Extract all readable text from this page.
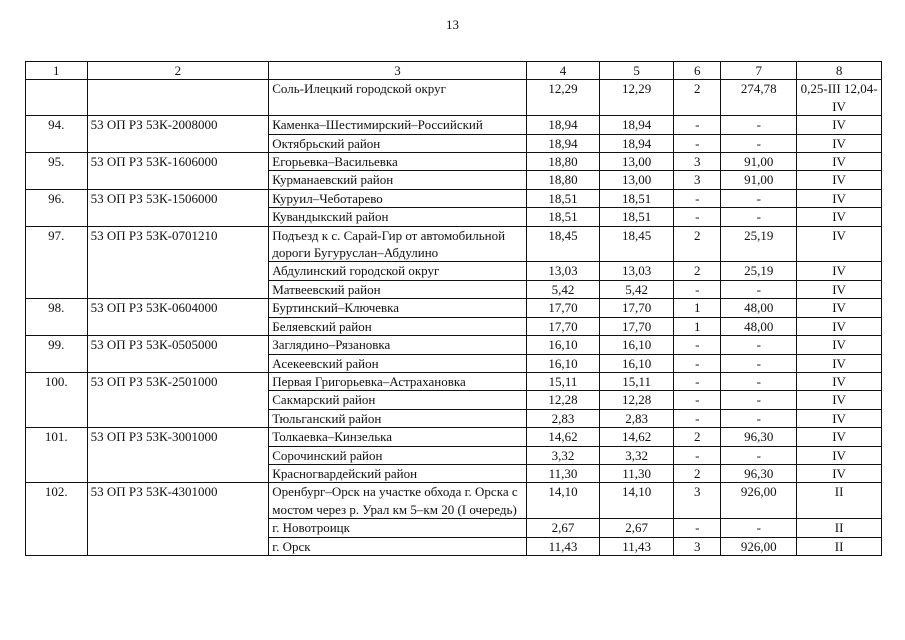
13
1	2	3	4	5	6	7	8
		Соль-Илецкий городской округ	12,29	12,29	2	274,78	0,25-III 12,04-IV
94.	53 ОП РЗ 53К-2008000	Каменка–Шестимирский–Российский	18,94	18,94	-	-	IV
		Октябрьский район	18,94	18,94	-	-	IV
95.	53 ОП РЗ 53К-1606000	Егорьевка–Васильевка	18,80	13,00	3	91,00	IV
		Курманаевский район	18,80	13,00	3	91,00	IV
96.	53 ОП РЗ 53К-1506000	Куруил–Чеботарево	18,51	18,51	-	-	IV
		Кувандыкский район	18,51	18,51	-	-	IV
97.	53 ОП РЗ 53К-0701210	Подъезд к с. Сарай-Гир от автомобильной дороги Бугуруслан–Абдулино	18,45	18,45	2	25,19	IV
		Абдулинский городской округ	13,03	13,03	2	25,19	IV
		Матвеевский район	5,42	5,42	-	-	IV
98.	53 ОП РЗ 53К-0604000	Буртинский–Ключевка	17,70	17,70	1	48,00	IV
		Беляевский район	17,70	17,70	1	48,00	IV
99.	53 ОП РЗ 53К-0505000	Заглядино–Рязановка	16,10	16,10	-	-	IV
		Асекеевский район	16,10	16,10	-	-	IV
100.	53 ОП РЗ 53К-2501000	Первая Григорьевка–Астрахановка	15,11	15,11	-	-	IV
		Сакмарский район	12,28	12,28	-	-	IV
		Тюльганский район	2,83	2,83	-	-	IV
101.	53 ОП РЗ 53К-3001000	Толкаевка–Кинзелька	14,62	14,62	2	96,30	IV
		Сорочинский район	3,32	3,32	-	-	IV
		Красногвардейский район	11,30	11,30	2	96,30	IV
102.	53 ОП РЗ 53К-4301000	Оренбург–Орск на участке обхода г. Орска с мостом через р. Урал км 5–км 20 (I очередь)	14,10	14,10	3	926,00	II
		г. Новотроицк	2,67	2,67	-	-	II
		г. Орск	11,43	11,43	3	926,00	II
